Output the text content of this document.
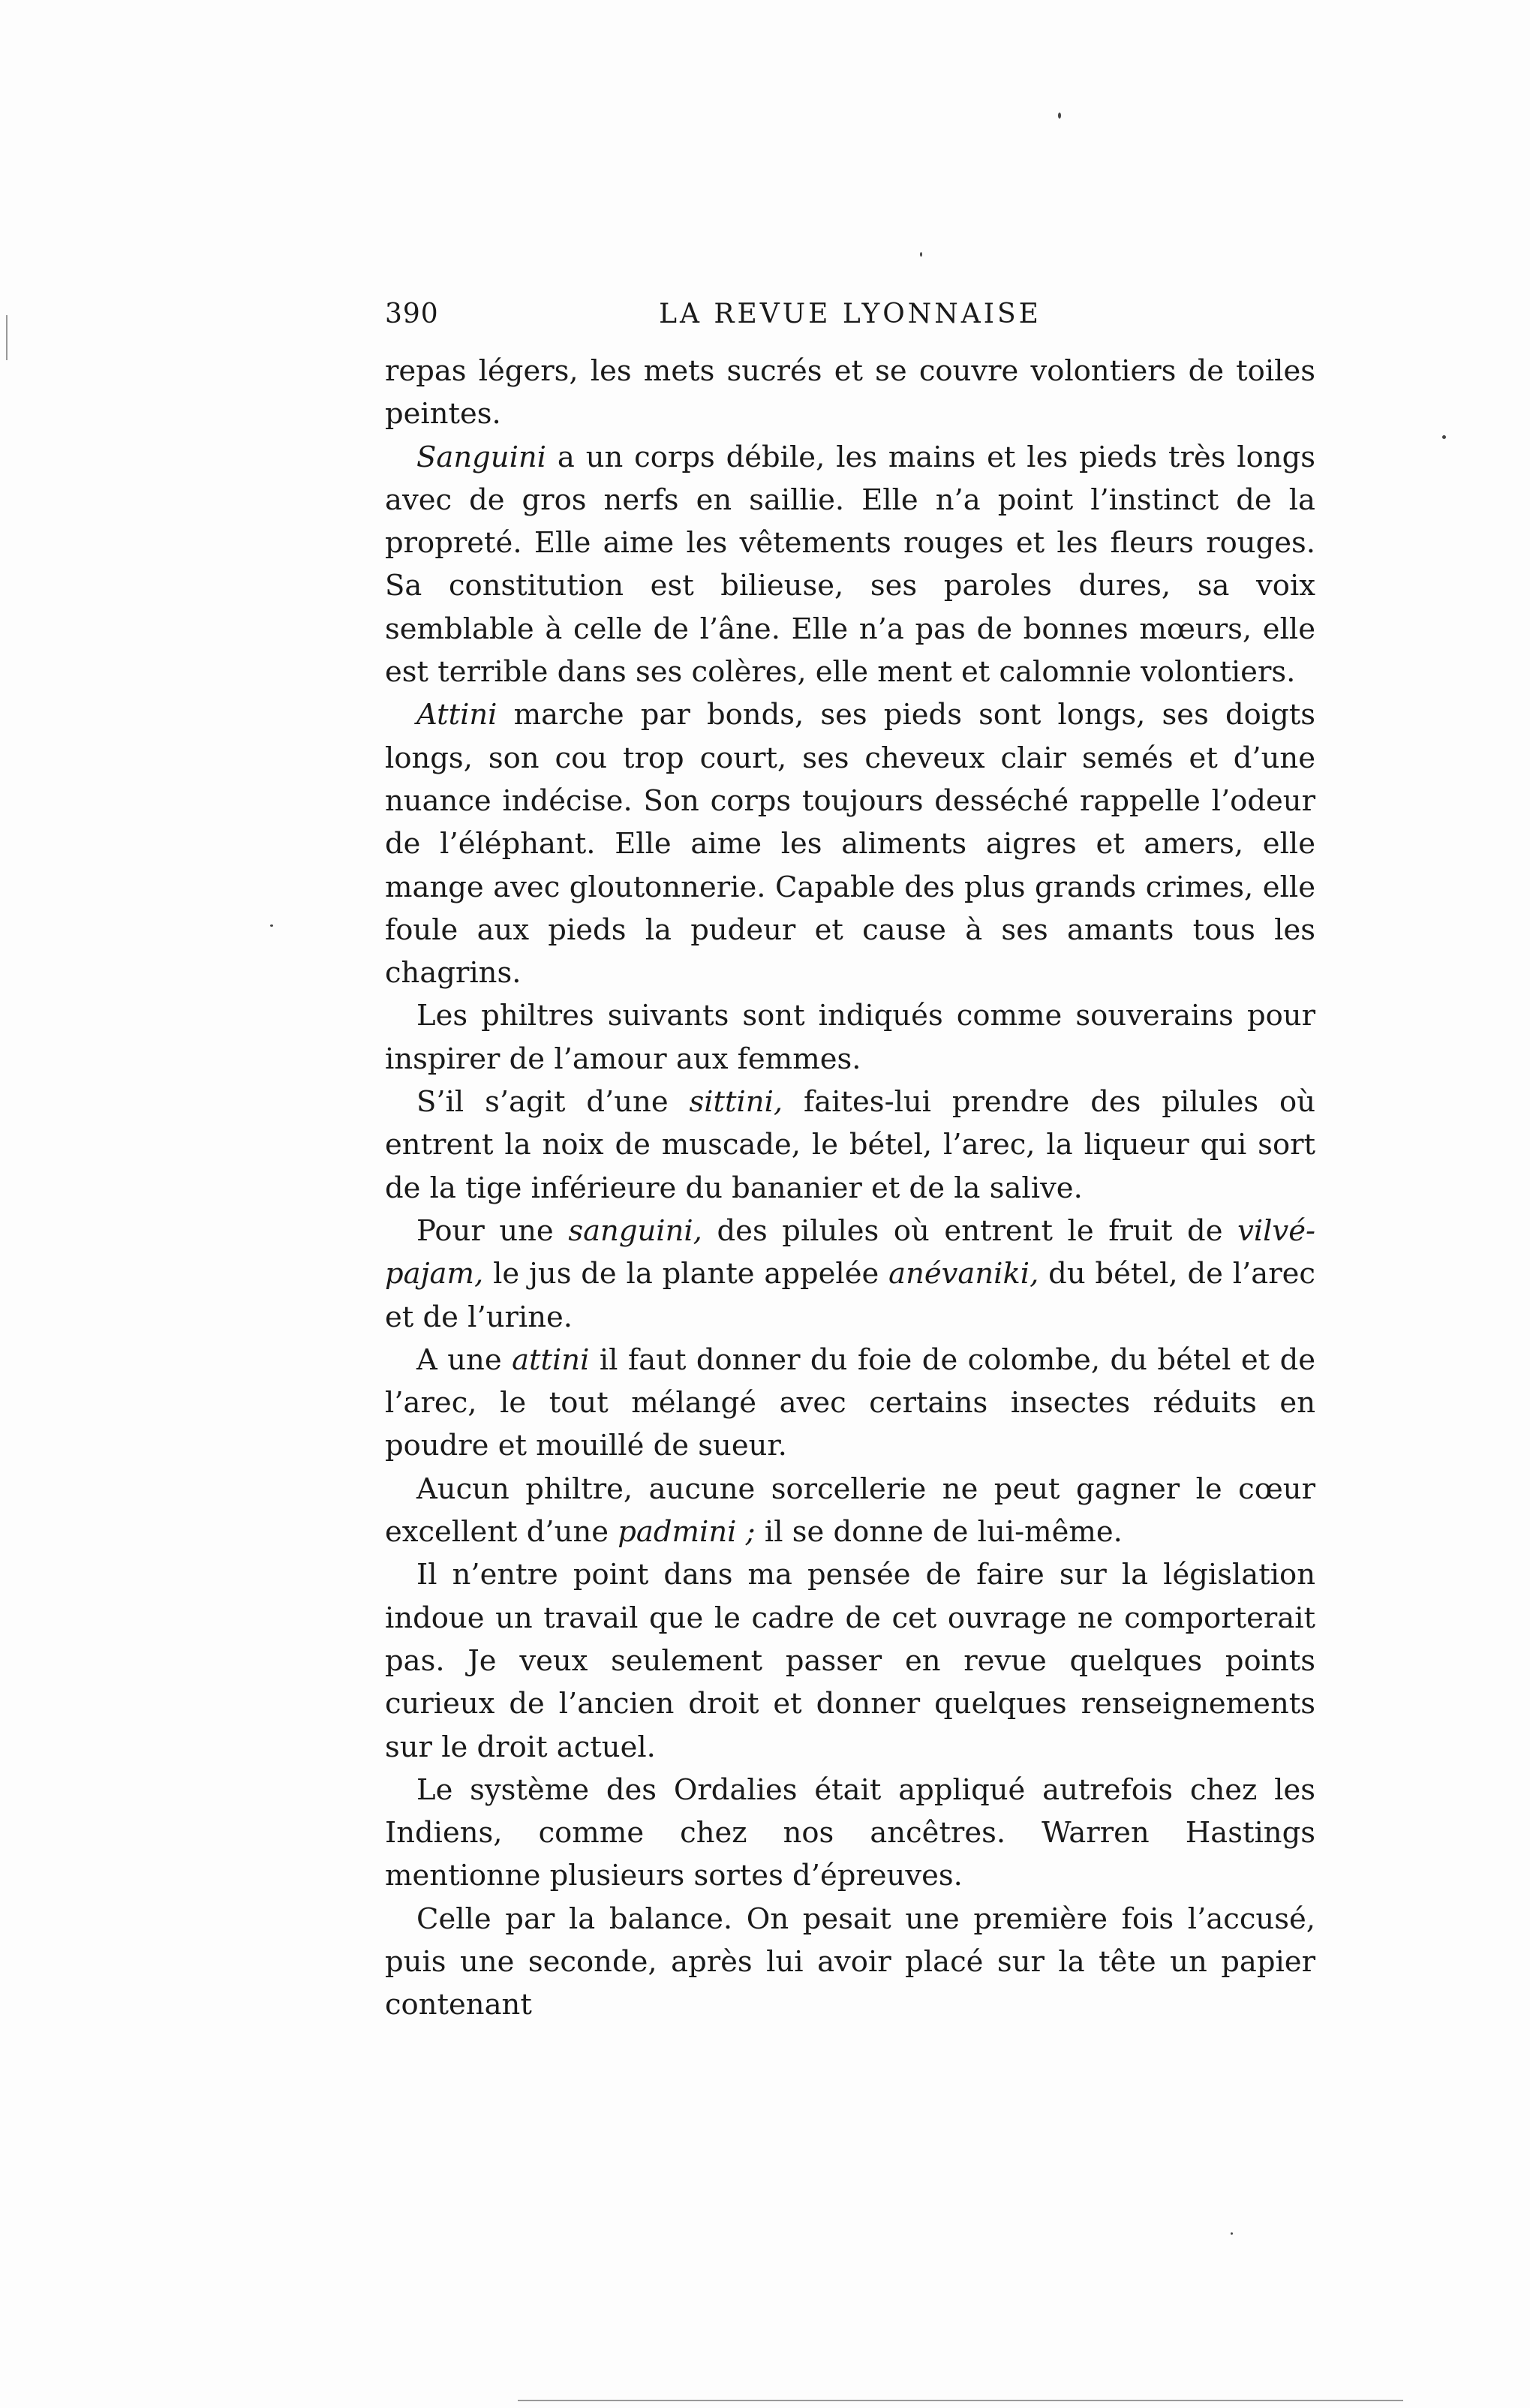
390	LA REVUE LYONNAISE

repas légers, les mets sucrés et se couvre volontiers de toiles peintes.

Sanguini a un corps débile, les mains et les pieds très longs avec de gros nerfs en saillie. Elle n’a point l’instinct de la propreté. Elle aime les vêtements rouges et les fleurs rouges. Sa constitution est bilieuse, ses paroles dures, sa voix semblable à celle de l’âne. Elle n’a pas de bonnes mœurs, elle est terrible dans ses colères, elle ment et calomnie volontiers.

Attini marche par bonds, ses pieds sont longs, ses doigts longs, son cou trop court, ses cheveux clair semés et d’une nuance indécise. Son corps toujours desséché rappelle l’odeur de l’éléphant. Elle aime les aliments aigres et amers, elle mange avec gloutonnerie. Capable des plus grands crimes, elle foule aux pieds la pudeur et cause à ses amants tous les chagrins.

Les philtres suivants sont indiqués comme souverains pour inspirer de l’amour aux femmes.

S’il s’agit d’une sittini, faites-lui prendre des pilules où entrent la noix de muscade, le bétel, l’arec, la liqueur qui sort de la tige inférieure du bananier et de la salive.

Pour une sanguini, des pilules où entrent le fruit de vilvé-pajam, le jus de la plante appelée anévaniki, du bétel, de l’arec et de l’urine.

A une attini il faut donner du foie de colombe, du bétel et de l’arec, le tout mélangé avec certains insectes réduits en poudre et mouillé de sueur.

Aucun philtre, aucune sorcellerie ne peut gagner le cœur excellent d’une padmini ; il se donne de lui-même.

Il n’entre point dans ma pensée de faire sur la législation indoue un travail que le cadre de cet ouvrage ne comporterait pas. Je veux seulement passer en revue quelques points curieux de l’ancien droit et donner quelques renseignements sur le droit actuel.

Le système des Ordalies était appliqué autrefois chez les Indiens, comme chez nos ancêtres. Warren Hastings mentionne plusieurs sortes d’épreuves.

Celle par la balance. On pesait une première fois l’accusé, puis une seconde, après lui avoir placé sur la tête un papier contenant
